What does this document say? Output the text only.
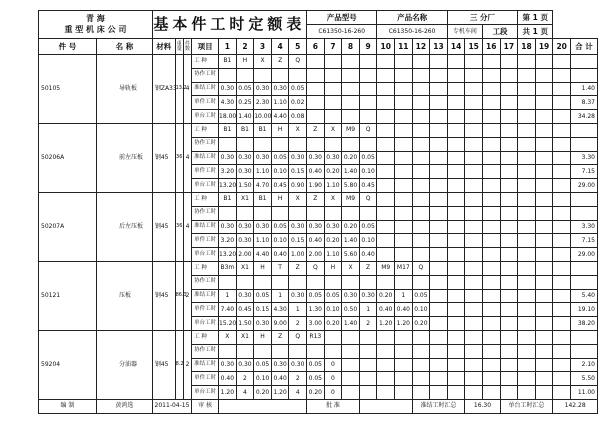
青 海
重 型 机 床 公 司		基本件工时定额表									产品型号				产品名称				三 分厂				第 1 页			
											C61350-16-260				C61350-16-260				专机车间		工段		共 1 页			
件 号	名 称	材料	重量	件数	项目	1	2	3	4	5	6	7	8	9	10	11	12	13	14	15	16	17	18	19	20	合 计
50105	导轨板	钢ZA33	13.2	4	工 种	B1	H	X	Z	Q																
					协作工时																					
					准结工时	0.30	0.05	0.30	0.30	0.05																1.40
					单件工时	4.30	0.25	2.30	1.10	0.02																8.37
					单台工时	18.00	1.40	10.00	4.40	0.08																34.28
50206A	前左压板	钢45	36	4	工 种	B1	B1	B1	H	X	Z	X	M9	Q												
					协作工时																					
					准结工时	0.30	0.30	0.30	0.05	0.30	0.30	0.30	0.20	0.05												3.30
					单件工时	3.20	0.30	1.10	0.10	0.15	0.40	0.20	1.40	0.10												7.15
					单台工时	13.20	1.50	4.70	0.45	0.90	1.90	1.10	5.80	0.45												29.00
50207A	后左压板	钢45	36	4	工 种	B1	X1	B1	H	X	Z	X	M9	Q												
					协作工时																					
					准结工时	0.30	0.30	0.30	0.05	0.30	0.30	0.30	0.20	0.05												3.30
					单件工时	3.20	0.30	1.10	0.10	0.15	0.40	0.20	1.40	0.10												7.15
					单台工时	13.20	2.00	4.40	0.40	1.00	2.00	1.10	5.60	0.40												29.00
50121	压板	钢45	86.3	2	工 种	B3m	X1	H	T	Z	Q	H	X	Z	M9	M17	Q									
					协作工时																					
					准结工时	1	0.30	0.05	1	0.30	0.05	0.05	0.30	0.30	0.20	1	0.05									5.40
					单件工时	7.40	0.45	0.15	4.30	1	1.30	0.10	0.50	1	0.40	0.40	0.10									19.10
					单台工时	15.20	1.50	0.30	9.00	2	3.00	0.20	1.40	2	1.20	1.20	0.20									38.20
59204	分油器	钢45	8.2	2	工 种	X	X1	H	Z	Q	R13															
					协作工时																					
					准结工时	0.30	0.30	0.05	0.30	0.30	0.05	0														2.10
					单件工时	0.40	2	0.10	0.40	2	0.05	0														5.50
					单台工时	1.20	4	0.20	1.20	4	0.20	0														11.00
编 制	黄鸿选	2011-04-15			审 核						批 准						准结工时汇总			16.30		单台工时汇总			142.28	
